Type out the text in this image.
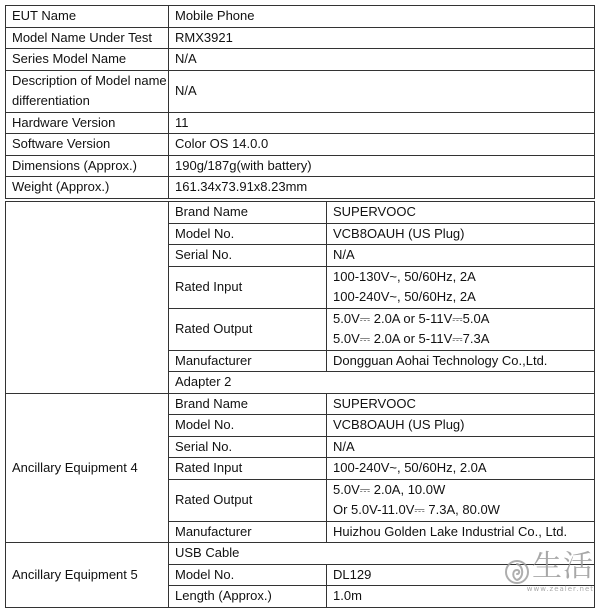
EUT Name	Mobile Phone
Model Name Under Test	RMX3921
Series Model Name	N/A
Description of Model name differentiation	N/A
Hardware Version	11
Software Version	Color OS 14.0.0
Dimensions (Approx.)	190g/187g(with battery)
Weight (Approx.)	161.34x73.91x8.23mm
	Brand Name	SUPERVOOC
	Model No.	VCB8OAUH (US Plug)
	Serial No.	N/A
	Rated Input	100-130V~, 50/60Hz, 2A
100-240V~, 50/60Hz, 2A

	Rated Output	5.0V⎓ 2.0A or 5-11V⎓5.0A
5.0V⎓ 2.0A or 5-11V⎓7.3A

	Manufacturer	Dongguan Aohai Technology Co.,Ltd.
	Adapter 2	
Ancillary Equipment 4	Brand Name	SUPERVOOC
	Model No.	VCB8OAUH (US Plug)
	Serial No.	N/A
	Rated Input	100-240V~, 50/60Hz, 2.0A
	Rated Output	5.0V⎓ 2.0A, 10.0W
Or 5.0V-11.0V⎓ 7.3A, 80.0W

	Manufacturer	Huizhou Golden Lake Industrial Co., Ltd.
Ancillary Equipment 5	USB Cable	
	Model No.	DL129
	Length (Approx.)	1.0m
生活
www.zealer.net
